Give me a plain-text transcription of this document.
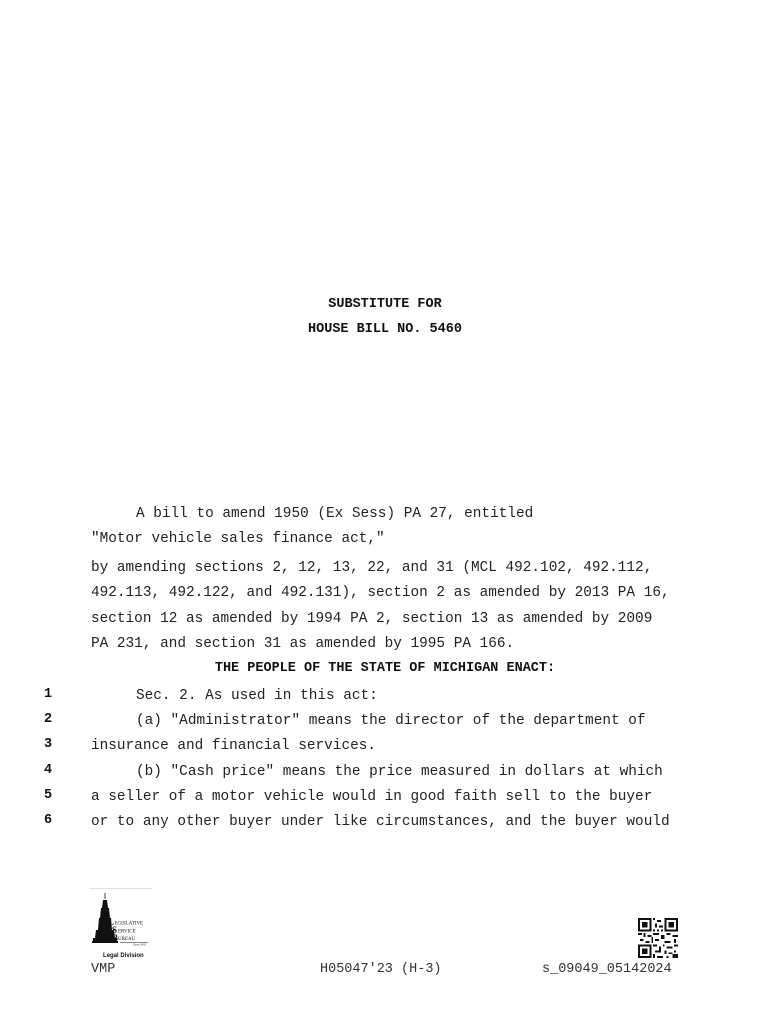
SUBSTITUTE FOR
HOUSE BILL NO. 5460
A bill to amend 1950 (Ex Sess) PA 27, entitled
"Motor vehicle sales finance act,"
by amending sections 2, 12, 13, 22, and 31 (MCL 492.102, 492.112,
492.113, 492.122, and 492.131), section 2 as amended by 2013 PA 16,
section 12 as amended by 1994 PA 2, section 13 as amended by 2009
PA 231, and section 31 as amended by 1995 PA 166.
THE PEOPLE OF THE STATE OF MICHIGAN ENACT:
1	Sec. 2. As used in this act:
2	(a) "Administrator" means the director of the department of
3	insurance and financial services.
4	(b) "Cash price" means the price measured in dollars at which
5	a seller of a motor vehicle would in good faith sell to the buyer
6	or to any other buyer under like circumstances, and the buyer would
L
S
B
EGISLATIVE
ERVICE
UREAU
Since 1941
Legal Division
VMP	H05047'23 (H-3)	s_09049_05142024
